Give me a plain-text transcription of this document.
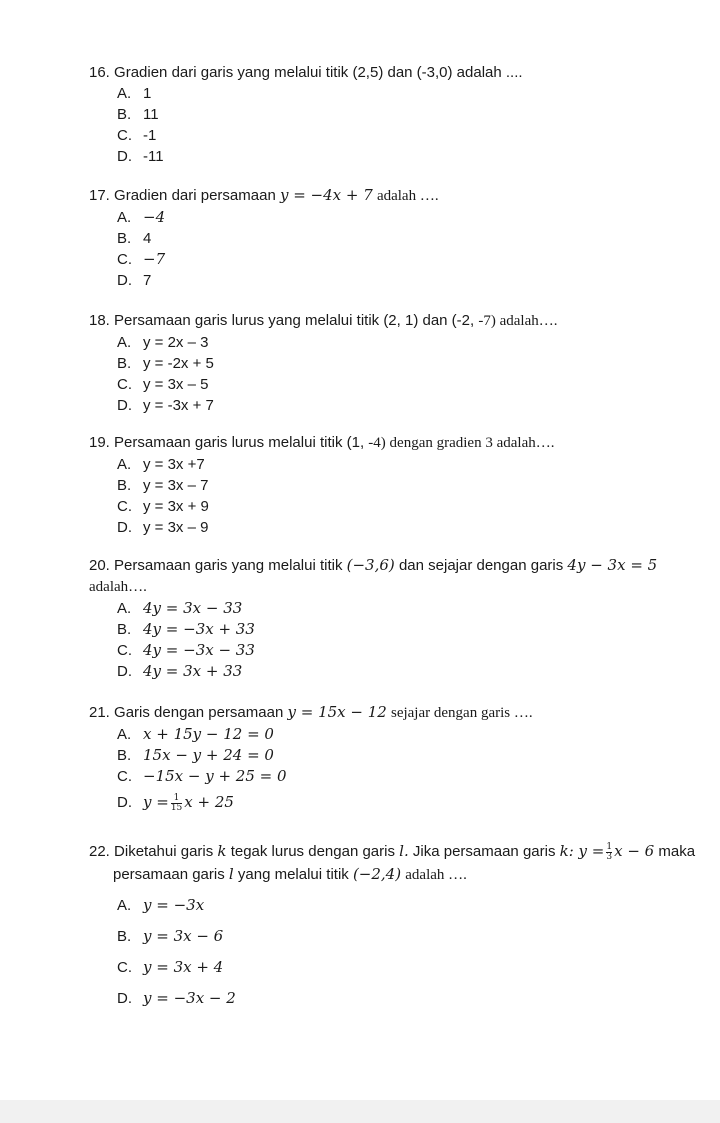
16. Gradien dari garis yang melalui titik (2,5) dan (-3,0) adalah ....
A. 1
B. 11
C. -1
D. -11
17. Gradien dari persamaan y = −4x + 7 adalah ….
A. −4
B. 4
C. −7
D. 7
18. Persamaan garis lurus yang melalui titik (2, 1) dan (-2, -7) adalah….
A. y = 2x – 3
B. y = -2x + 5
C. y = 3x – 5
D. y = -3x + 7
19. Persamaan garis lurus melalui titik (1, -4) dengan gradien 3 adalah….
A. y = 3x +7
B. y = 3x – 7
C. y = 3x + 9
D. y = 3x – 9
20. Persamaan garis yang melalui titik (−3,6) dan sejajar dengan garis 4y − 3x = 5
adalah….
A. 4y = 3x − 33
B. 4y = −3x + 33
C. 4y = −3x − 33
D. 4y = 3x + 33
21. Garis dengan persamaan y = 15x − 12 sejajar dengan garis ….
A. x + 15y − 12 = 0
B. 15x − y + 24 = 0
C. −15x − y + 25 = 0
D. $y = \frac{1}{15}$ x + 25
22. Diketahui garis k tegak lurus dengan garis l. Jika persamaan garis k: $y = \frac{1}{3}$ x − 6 maka
persamaan garis l yang melalui titik (−2,4) adalah ….
A. y = −3x
B. y = 3x − 6
C. y = 3x + 4
D. y = −3x − 2
